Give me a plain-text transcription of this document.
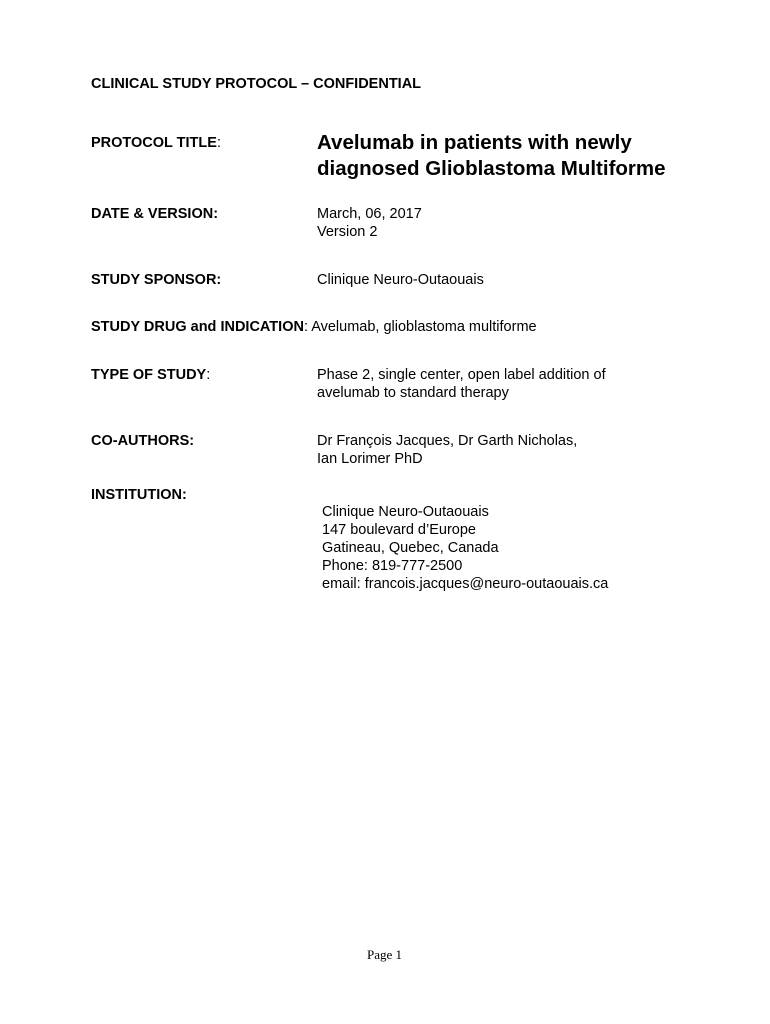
CLINICAL STUDY PROTOCOL – CONFIDENTIAL
PROTOCOL TITLE:	Avelumab in patients with newly
diagnosed Glioblastoma Multiforme
DATE & VERSION:	March, 06, 2017
Version 2
STUDY SPONSOR:	Clinique Neuro-Outaouais
STUDY DRUG and INDICATION: Avelumab, glioblastoma multiforme
TYPE OF STUDY:	Phase 2, single center, open label addition of
avelumab to standard therapy
CO-AUTHORS:	Dr François Jacques, Dr Garth Nicholas,
Ian Lorimer PhD
INSTITUTION:
Clinique Neuro-Outaouais
147 boulevard d’Europe
Gatineau, Quebec, Canada
Phone: 819-777-2500
email: francois.jacques@neuro-outaouais.ca
Page 1
